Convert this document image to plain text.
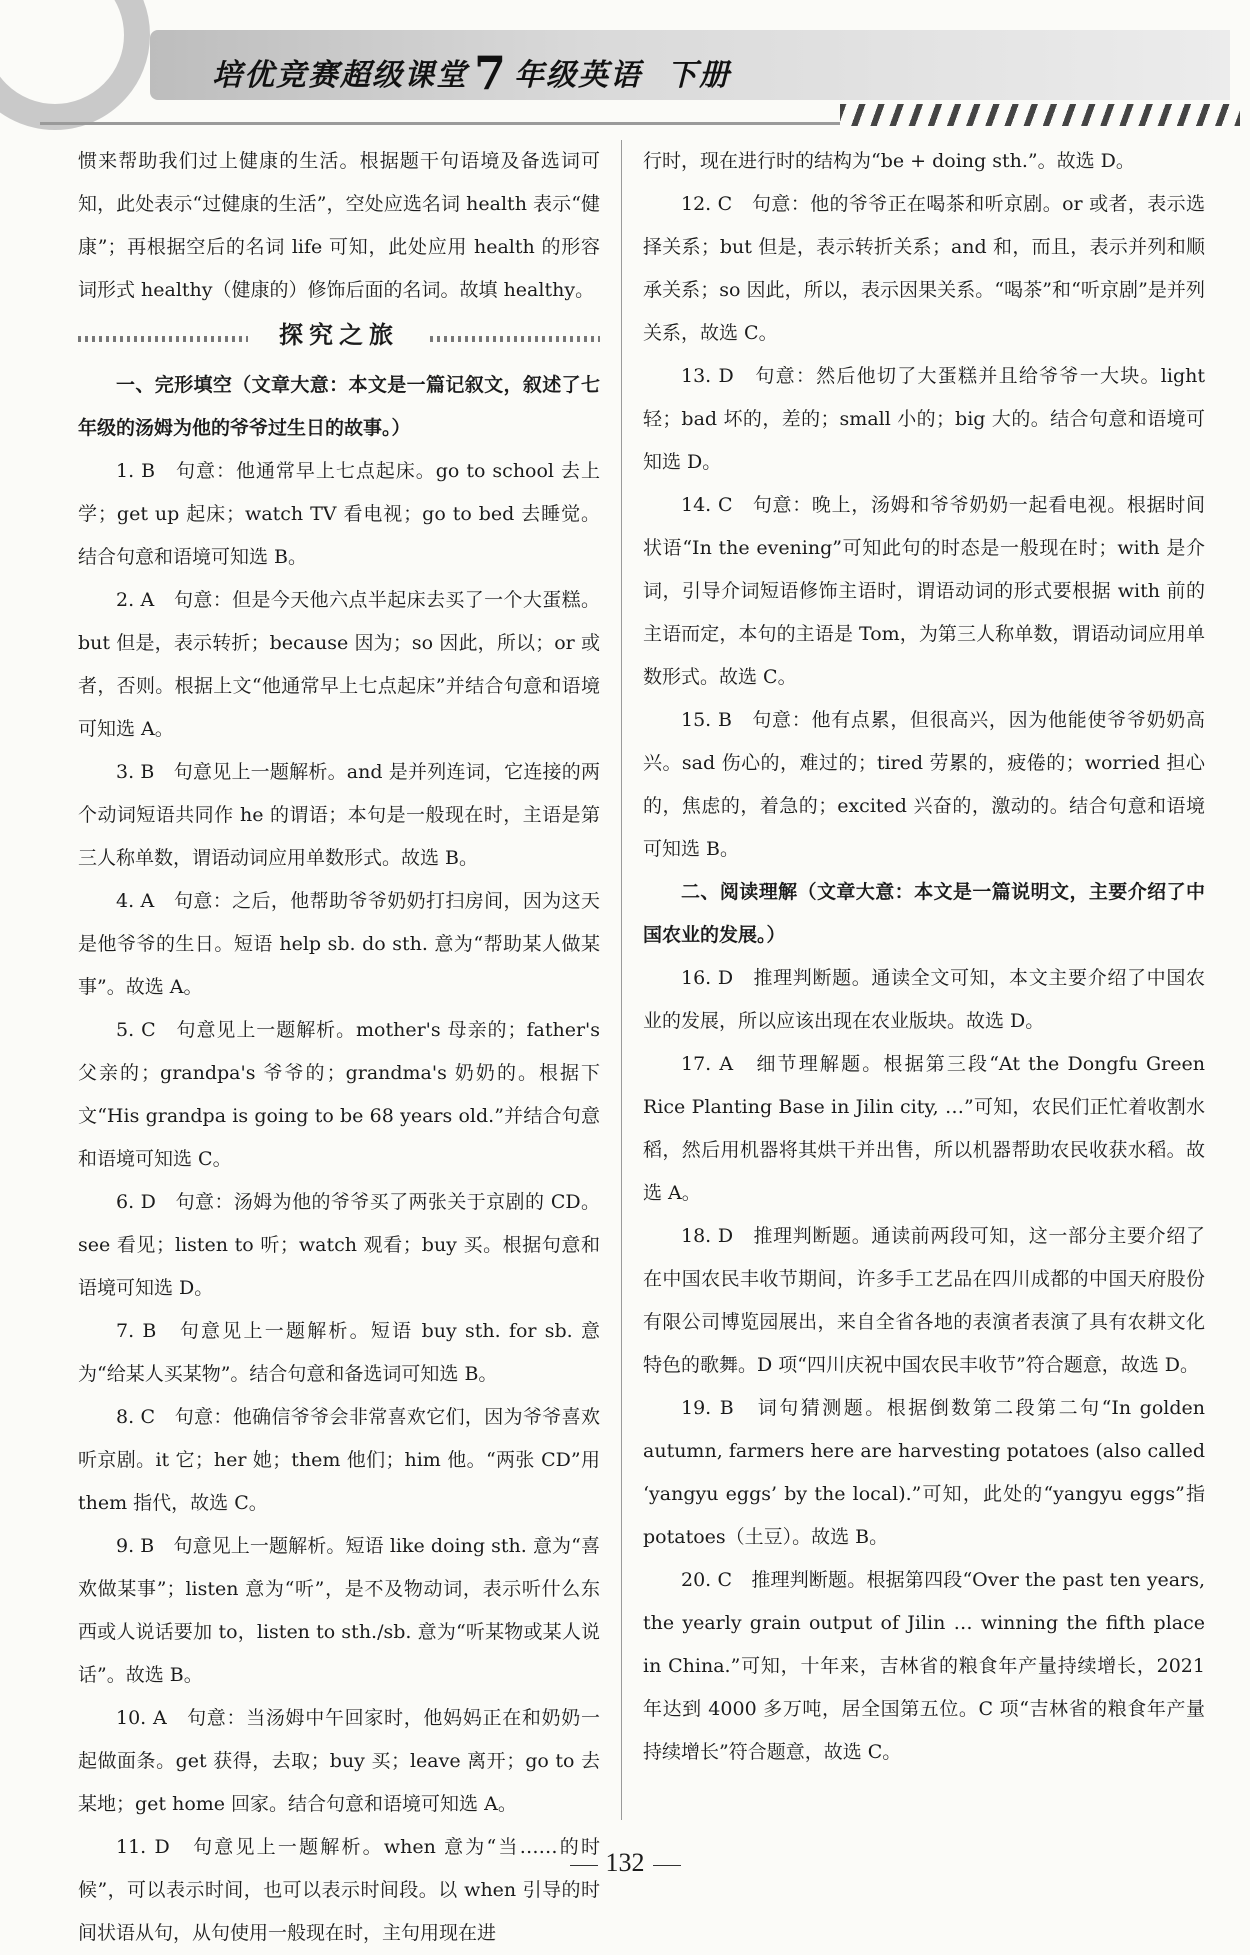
培优竞赛超级课堂 7 年级英语 下册

惯来帮助我们过上健康的生活。根据题干句语境及备选词可知，此处表示“过健康的生活”，空处应选名词 health 表示“健康”；再根据空后的名词 life 可知，此处应用 health 的形容词形式 healthy（健康的）修饰后面的名词。故填 healthy。

探究之旅

一、完形填空（文章大意：本文是一篇记叙文，叙述了七年级的汤姆为他的爷爷过生日的故事。）

1. B　句意：他通常早上七点起床。go to school 去上学；get up 起床；watch TV 看电视；go to bed 去睡觉。结合句意和语境可知选 B。

2. A　句意：但是今天他六点半起床去买了一个大蛋糕。but 但是，表示转折；because 因为；so 因此，所以；or 或者，否则。根据上文“他通常早上七点起床”并结合句意和语境可知选 A。

3. B　句意见上一题解析。and 是并列连词，它连接的两个动词短语共同作 he 的谓语；本句是一般现在时，主语是第三人称单数，谓语动词应用单数形式。故选 B。

4. A　句意：之后，他帮助爷爷奶奶打扫房间，因为这天是他爷爷的生日。短语 help sb. do sth. 意为“帮助某人做某事”。故选 A。

5. C　句意见上一题解析。mother's 母亲的；father's 父亲的；grandpa's 爷爷的；grandma's 奶奶的。根据下文“His grandpa is going to be 68 years old.”并结合句意和语境可知选 C。

6. D　句意：汤姆为他的爷爷买了两张关于京剧的 CD。see 看见；listen to 听；watch 观看；buy 买。根据句意和语境可知选 D。

7. B　句意见上一题解析。短语 buy sth. for sb. 意为“给某人买某物”。结合句意和备选词可知选 B。

8. C　句意：他确信爷爷会非常喜欢它们，因为爷爷喜欢听京剧。it 它；her 她；them 他们；him 他。“两张 CD”用 them 指代，故选 C。

9. B　句意见上一题解析。短语 like doing sth. 意为“喜欢做某事”；listen 意为“听”，是不及物动词，表示听什么东西或人说话要加 to，listen to sth./sb. 意为“听某物或某人说话”。故选 B。

10. A　句意：当汤姆中午回家时，他妈妈正在和奶奶一起做面条。get 获得，去取；buy 买；leave 离开；go to 去某地；get home 回家。结合句意和语境可知选 A。

11. D　句意见上一题解析。when 意为“当……的时候”，可以表示时间，也可以表示时间段。以 when 引导的时间状语从句，从句使用一般现在时，主句用现在进

行时，现在进行时的结构为“be + doing sth.”。故选 D。

12. C　句意：他的爷爷正在喝茶和听京剧。or 或者，表示选择关系；but 但是，表示转折关系；and 和，而且，表示并列和顺承关系；so 因此，所以，表示因果关系。“喝茶”和“听京剧”是并列关系，故选 C。

13. D　句意：然后他切了大蛋糕并且给爷爷一大块。light 轻；bad 坏的，差的；small 小的；big 大的。结合句意和语境可知选 D。

14. C　句意：晚上，汤姆和爷爷奶奶一起看电视。根据时间状语“In the evening”可知此句的时态是一般现在时；with 是介词，引导介词短语修饰主语时，谓语动词的形式要根据 with 前的主语而定，本句的主语是 Tom，为第三人称单数，谓语动词应用单数形式。故选 C。

15. B　句意：他有点累，但很高兴，因为他能使爷爷奶奶高兴。sad 伤心的，难过的；tired 劳累的，疲倦的；worried 担心的，焦虑的，着急的；excited 兴奋的，激动的。结合句意和语境可知选 B。

二、阅读理解（文章大意：本文是一篇说明文，主要介绍了中国农业的发展。）

16. D　推理判断题。通读全文可知，本文主要介绍了中国农业的发展，所以应该出现在农业版块。故选 D。

17. A　细节理解题。根据第三段“At the Dongfu Green Rice Planting Base in Jilin city, …”可知，农民们正忙着收割水稻，然后用机器将其烘干并出售，所以机器帮助农民收获水稻。故选 A。

18. D　推理判断题。通读前两段可知，这一部分主要介绍了在中国农民丰收节期间，许多手工艺品在四川成都的中国天府股份有限公司博览园展出，来自全省各地的表演者表演了具有农耕文化特色的歌舞。D 项“四川庆祝中国农民丰收节”符合题意，故选 D。

19. B　词句猜测题。根据倒数第二段第二句“In golden autumn, farmers here are harvesting potatoes (also called ‘yangyu eggs’ by the local).”可知，此处的“yangyu eggs”指 potatoes（土豆）。故选 B。

20. C　推理判断题。根据第四段“Over the past ten years, the yearly grain output of Jilin … winning the fifth place in China.”可知，十年来，吉林省的粮食年产量持续增长，2021 年达到 4000 多万吨，居全国第五位。C 项“吉林省的粮食年产量持续增长”符合题意，故选 C。

132
